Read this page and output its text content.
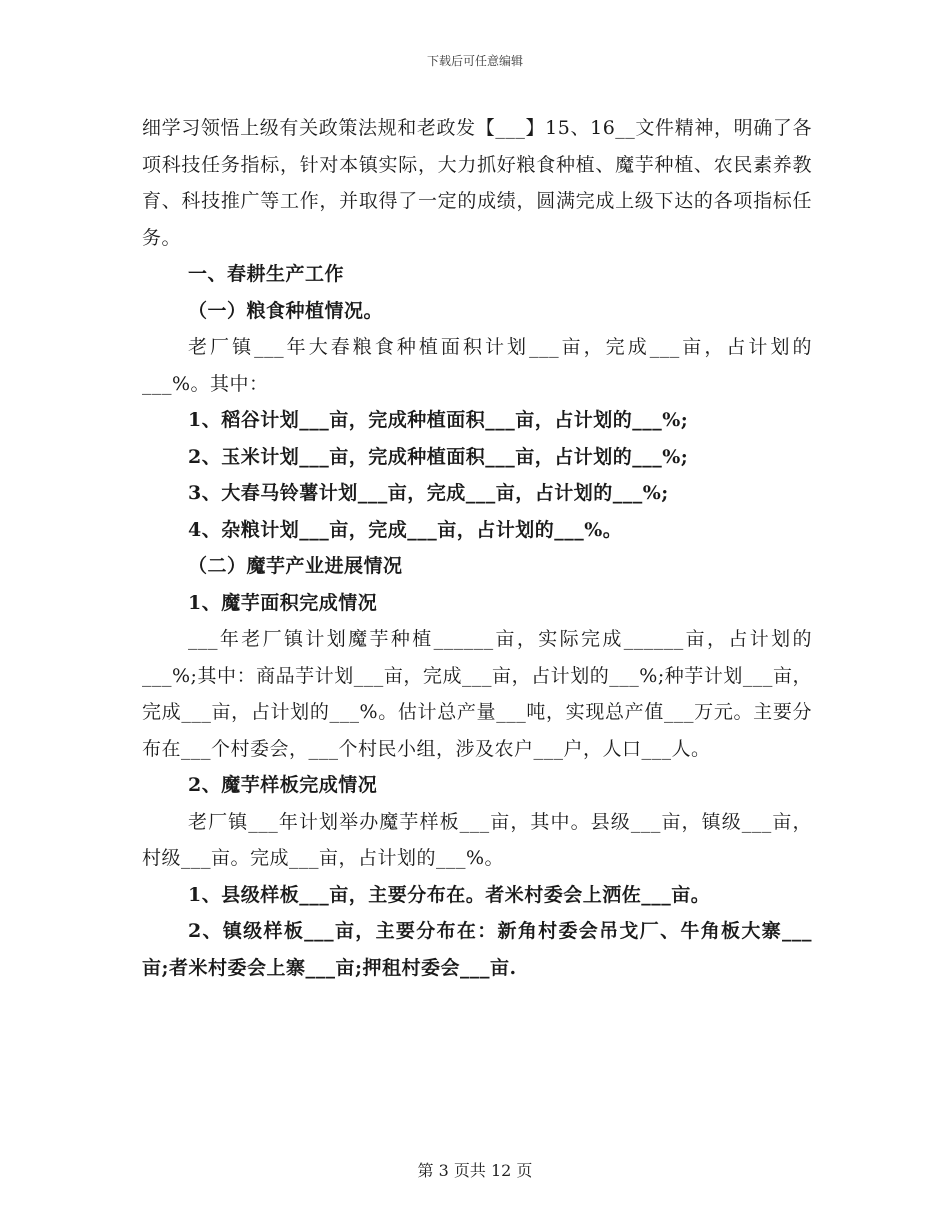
下载后可任意编辑

细学习领悟上级有关政策法规和老政发【___】15、16__文件精神，明确了各项科技任务指标，针对本镇实际，大力抓好粮食种植、魔芋种植、农民素养教育、科技推广等工作，并取得了一定的成绩，圆满完成上级下达的各项指标任务。

一、春耕生产工作

（一）粮食种植情况。

老厂镇___年大春粮食种植面积计划___亩，完成___亩，占计划的___%。其中：

1、稻谷计划___亩，完成种植面积___亩，占计划的___%;

2、玉米计划___亩，完成种植面积___亩，占计划的___%;

3、大春马铃薯计划___亩，完成___亩，占计划的___%;

4、杂粮计划___亩，完成___亩，占计划的___%。

（二）魔芋产业进展情况

1、魔芋面积完成情况

___年老厂镇计划魔芋种植______亩，实际完成______亩，占计划的___%;其中：商品芋计划___亩，完成___亩，占计划的___%;种芋计划___亩，完成___亩，占计划的___%。估计总产量___吨，实现总产值___万元。主要分布在___个村委会，___个村民小组，涉及农户___户，人口___人。

2、魔芋样板完成情况

老厂镇___年计划举办魔芋样板___亩，其中。县级___亩，镇级___亩，村级___亩。完成___亩，占计划的___%。

1、县级样板___亩，主要分布在。者米村委会上洒佐___亩。

2、镇级样板___亩，主要分布在：新角村委会吊戈厂、牛角板大寨___亩;者米村委会上寨___亩;押租村委会___亩.

第 3 页共 12 页
